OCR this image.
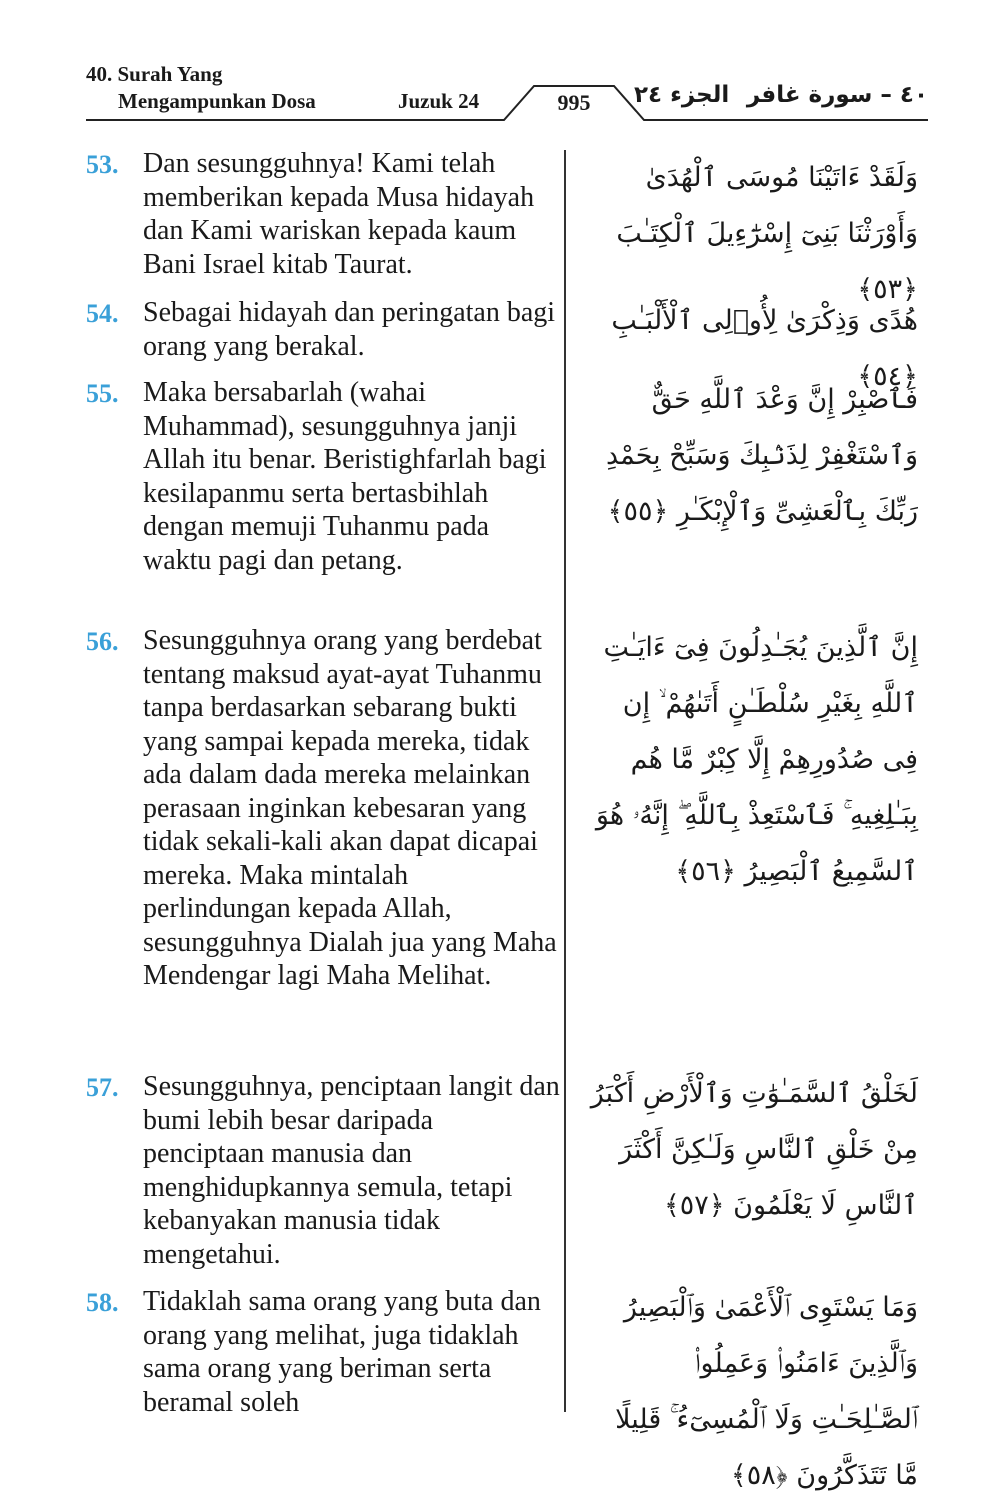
40. Surah Yang
Mengampunkan Dosa	Juzuk 24	995	الجزء ٢٤ ٤٠ – سورة غافر
53. Dan sesungguhnya! Kami telah memberikan kepada Musa hidayah dan Kami wariskan kepada kaum Bani Israel kitab Taurat.
وَلَقَدْ ءَاتَيْنَا مُوسَى ٱلْهُدَىٰ وَأَوْرَثْنَا بَنِىٓ إِسْرَٰٓءِيلَ ٱلْكِتَـٰبَ ﴿٥٣﴾
54. Sebagai hidayah dan peringatan bagi orang yang berakal.
هُدًى وَذِكْرَىٰ لِأُو۟لِى ٱلْأَلْبَـٰبِ ﴿٥٤﴾
55. Maka bersabarlah (wahai Muhammad), sesungguhnya janji Allah itu benar. Beristighfarlah bagi kesilapanmu serta bertasbihlah dengan memuji Tuhanmu pada waktu pagi dan petang.
فَٱصْبِرْ إِنَّ وَعْدَ ٱللَّهِ حَقٌّ وَٱسْتَغْفِرْ لِذَنۢبِكَ وَسَبِّحْ بِحَمْدِ رَبِّكَ بِٱلْعَشِىِّ وَٱلْإِبْكَـٰرِ ﴿٥٥﴾
56. Sesungguhnya orang yang berdebat tentang maksud ayat-ayat Tuhanmu tanpa berdasarkan sebarang bukti yang sampai kepada mereka, tidak ada dalam dada mereka melainkan perasaan inginkan kebesaran yang tidak sekali-kali akan dapat dicapai mereka. Maka mintalah perlindungan kepada Allah, sesungguhnya Dialah jua yang Maha Mendengar lagi Maha Melihat.
إِنَّ ٱلَّذِينَ يُجَـٰدِلُونَ فِىٓ ءَايَـٰتِ ٱللَّهِ بِغَيْرِ سُلْطَـٰنٍ أَتَىٰهُمْ ۙ إِن فِى صُدُورِهِمْ إِلَّا كِبْرٌ مَّا هُم بِبَـٰلِغِيهِ ۚ فَٱسْتَعِذْ بِٱللَّهِ ۖ إِنَّهُۥ هُوَ ٱلسَّمِيعُ ٱلْبَصِيرُ ﴿٥٦﴾
57. Sesungguhnya, penciptaan langit dan bumi lebih besar daripada penciptaan manusia dan menghidupkannya semula, tetapi kebanyakan manusia tidak mengetahui.
لَخَلْقُ ٱلسَّمَـٰوَٰتِ وَٱلْأَرْضِ أَكْبَرُ مِنْ خَلْقِ ٱلنَّاسِ وَلَـٰكِنَّ أَكْثَرَ ٱلنَّاسِ لَا يَعْلَمُونَ ﴿٥٧﴾
58. Tidaklah sama orang yang buta dan orang yang melihat, juga tidaklah sama orang yang beriman serta beramal soleh
وَمَا يَسْتَوِى ٱلْأَعْمَىٰ وَٱلْبَصِيرُ وَٱلَّذِينَ ءَامَنُوا۟ وَعَمِلُوا۟ ٱلصَّـٰلِحَـٰتِ وَلَا ٱلْمُسِىٓءُ ۚ قَلِيلًا مَّا تَتَذَكَّرُونَ ﴿٥٨﴾
